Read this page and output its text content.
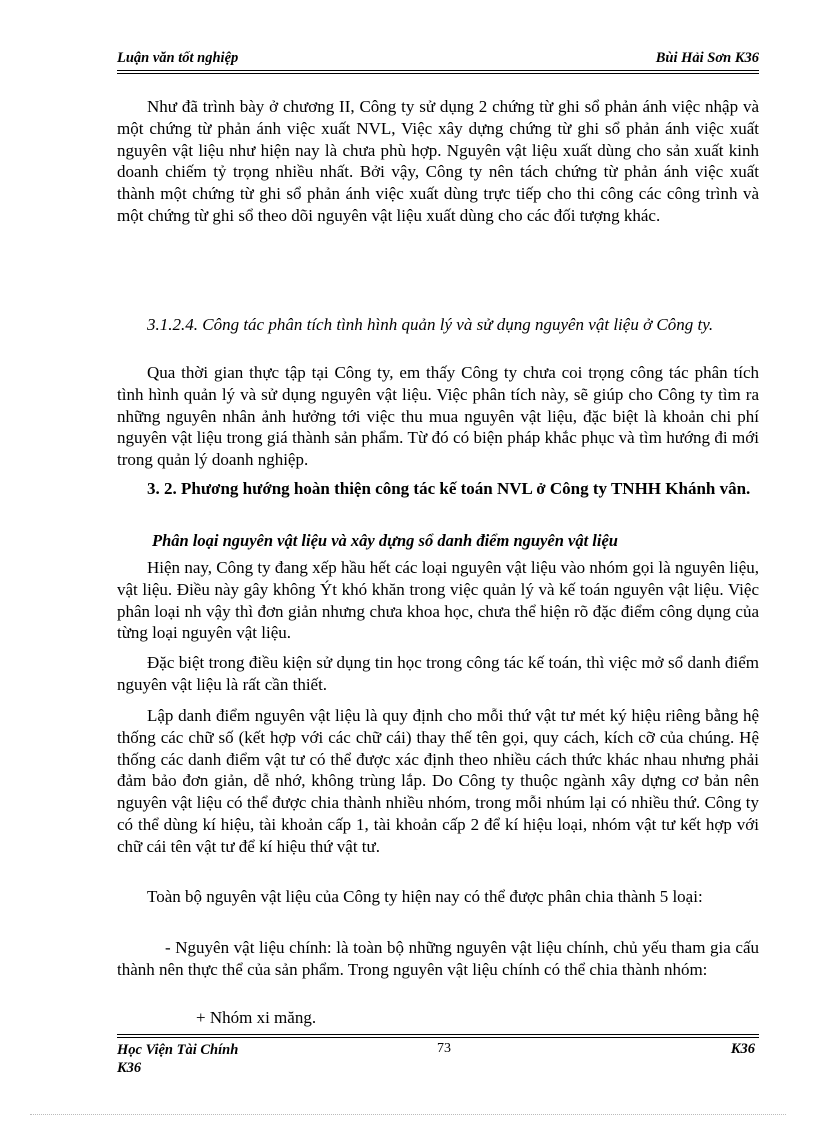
Luận văn tốt nghiệp	Bùi Hải Sơn K36

Như đã trình bày ở chương II, Công ty sử dụng 2 chứng từ ghi sổ phản ánh việc nhập và một chứng từ phản ánh việc xuất NVL, Việc xây dựng chứng từ ghi sổ phản ánh việc xuất nguyên vật liệu như hiện nay là chưa phù hợp. Nguyên vật liệu xuất dùng cho sản xuất kinh doanh chiếm tỷ trọng nhiều nhất. Bởi vậy, Công ty nên tách chứng từ phản ánh việc xuất thành một chứng từ ghi sổ phản ánh việc xuất dùng trực tiếp cho thi công các công trình và một chứng từ ghi sổ theo dõi nguyên vật liệu xuất dùng cho các đối tượng khác.

3.1.2.4. Công tác phân tích tình hình quản lý và sử dụng nguyên vật liệu ở Công ty.

Qua thời gian thực tập tại Công ty, em thấy Công ty chưa coi trọng công tác phân tích tình hình quản lý và sử dụng nguyên vật liệu. Việc phân tích này, sẽ giúp cho Công ty tìm ra những nguyên nhân ảnh hưởng tới việc thu mua nguyên vật liệu, đặc biệt là khoản chi phí nguyên vật liệu trong giá thành sản phẩm. Từ đó có biện pháp khắc phục và tìm hướng đi mới trong quản lý doanh nghiệp.

3. 2. Phương hướng hoàn thiện công tác kế toán NVL ở Công ty TNHH Khánh vân.

Phân loại nguyên vật liệu và xây dựng sổ danh điểm nguyên vật liệu

Hiện nay, Công ty đang xếp hầu hết các loại nguyên vật liệu vào nhóm gọi là nguyên liệu, vật liệu. Điều này gây không Ýt khó khăn trong việc quản lý và kế toán nguyên vật liệu. Việc phân loại nh vậy thì đơn giản nhưng chưa khoa học, chưa thể hiện rõ đặc điểm công dụng của từng loại nguyên vật liệu.

Đặc biệt trong điều kiện sử dụng tin học trong công tác kế toán, thì việc mở sổ danh điểm nguyên vật liệu là rất cần thiết.

Lập danh điểm nguyên vật liệu là quy định cho mỗi thứ vật tư mét ký hiệu riêng bằng hệ thống các chữ số (kết hợp với các chữ cái) thay thế tên gọi, quy cách, kích cỡ của chúng. Hệ thống các danh điểm vật tư có thể được xác định theo nhiều cách thức khác nhau nhưng phải đảm bảo đơn giản, dễ nhớ, không trùng lắp. Do Công ty thuộc ngành xây dựng cơ bản nên nguyên vật liệu có thể được chia thành nhiều nhóm, trong mỗi nhúm lại có nhiều thứ. Công ty có thể dùng kí hiệu, tài khoản cấp 1, tài khoản cấp 2 để kí hiệu loại, nhóm vật tư kết hợp với chữ cái tên vật tư để kí hiệu thứ vật tư.

Toàn bộ nguyên vật liệu của Công ty hiện nay có thể được phân chia thành 5 loại:

- Nguyên vật liệu chính: là toàn bộ những nguyên vật liệu chính, chủ yếu tham gia cấu thành nên thực thể của sản phẩm. Trong nguyên vật liệu chính có thể chia thành nhóm:

+ Nhóm xi măng.

Học Viện Tài Chính
K36
73	K36
